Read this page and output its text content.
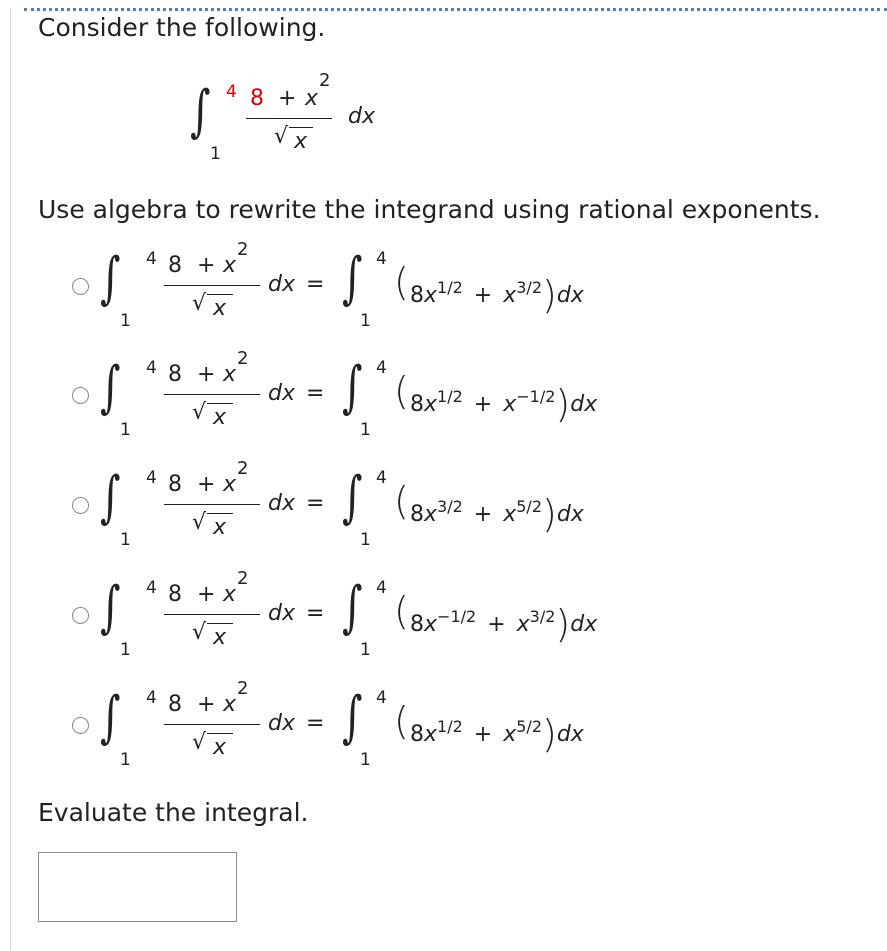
Consider the following.
∫ 4
1
8 + x
2
√ x
dx
Use algebra to rewrite the integrand using rational exponents.
∫ 4
1
8 + x
2
√ x
dx = ∫ 4
1
( $8x^{1/2} + x^{3/2})dx$
∫ 4
1
8 + x
2
√ x
dx = ∫ 4
1
( $8x^{1/2} + x^{-1/2})dx$
∫ 4
1
8 + x
2
√ x
dx = ∫ 4
1
( $8x^{3/2} + x^{5/2})dx$
∫ 4
1
8 + x
2
√ x
dx = ∫ 4
1
( $8x^{-1/2} + x^{3/2})dx$
∫ 4
1
8 + x
2
√ x
dx = ∫ 4
1
( $8x^{1/2} + x^{5/2})dx$
Evaluate the integral.
